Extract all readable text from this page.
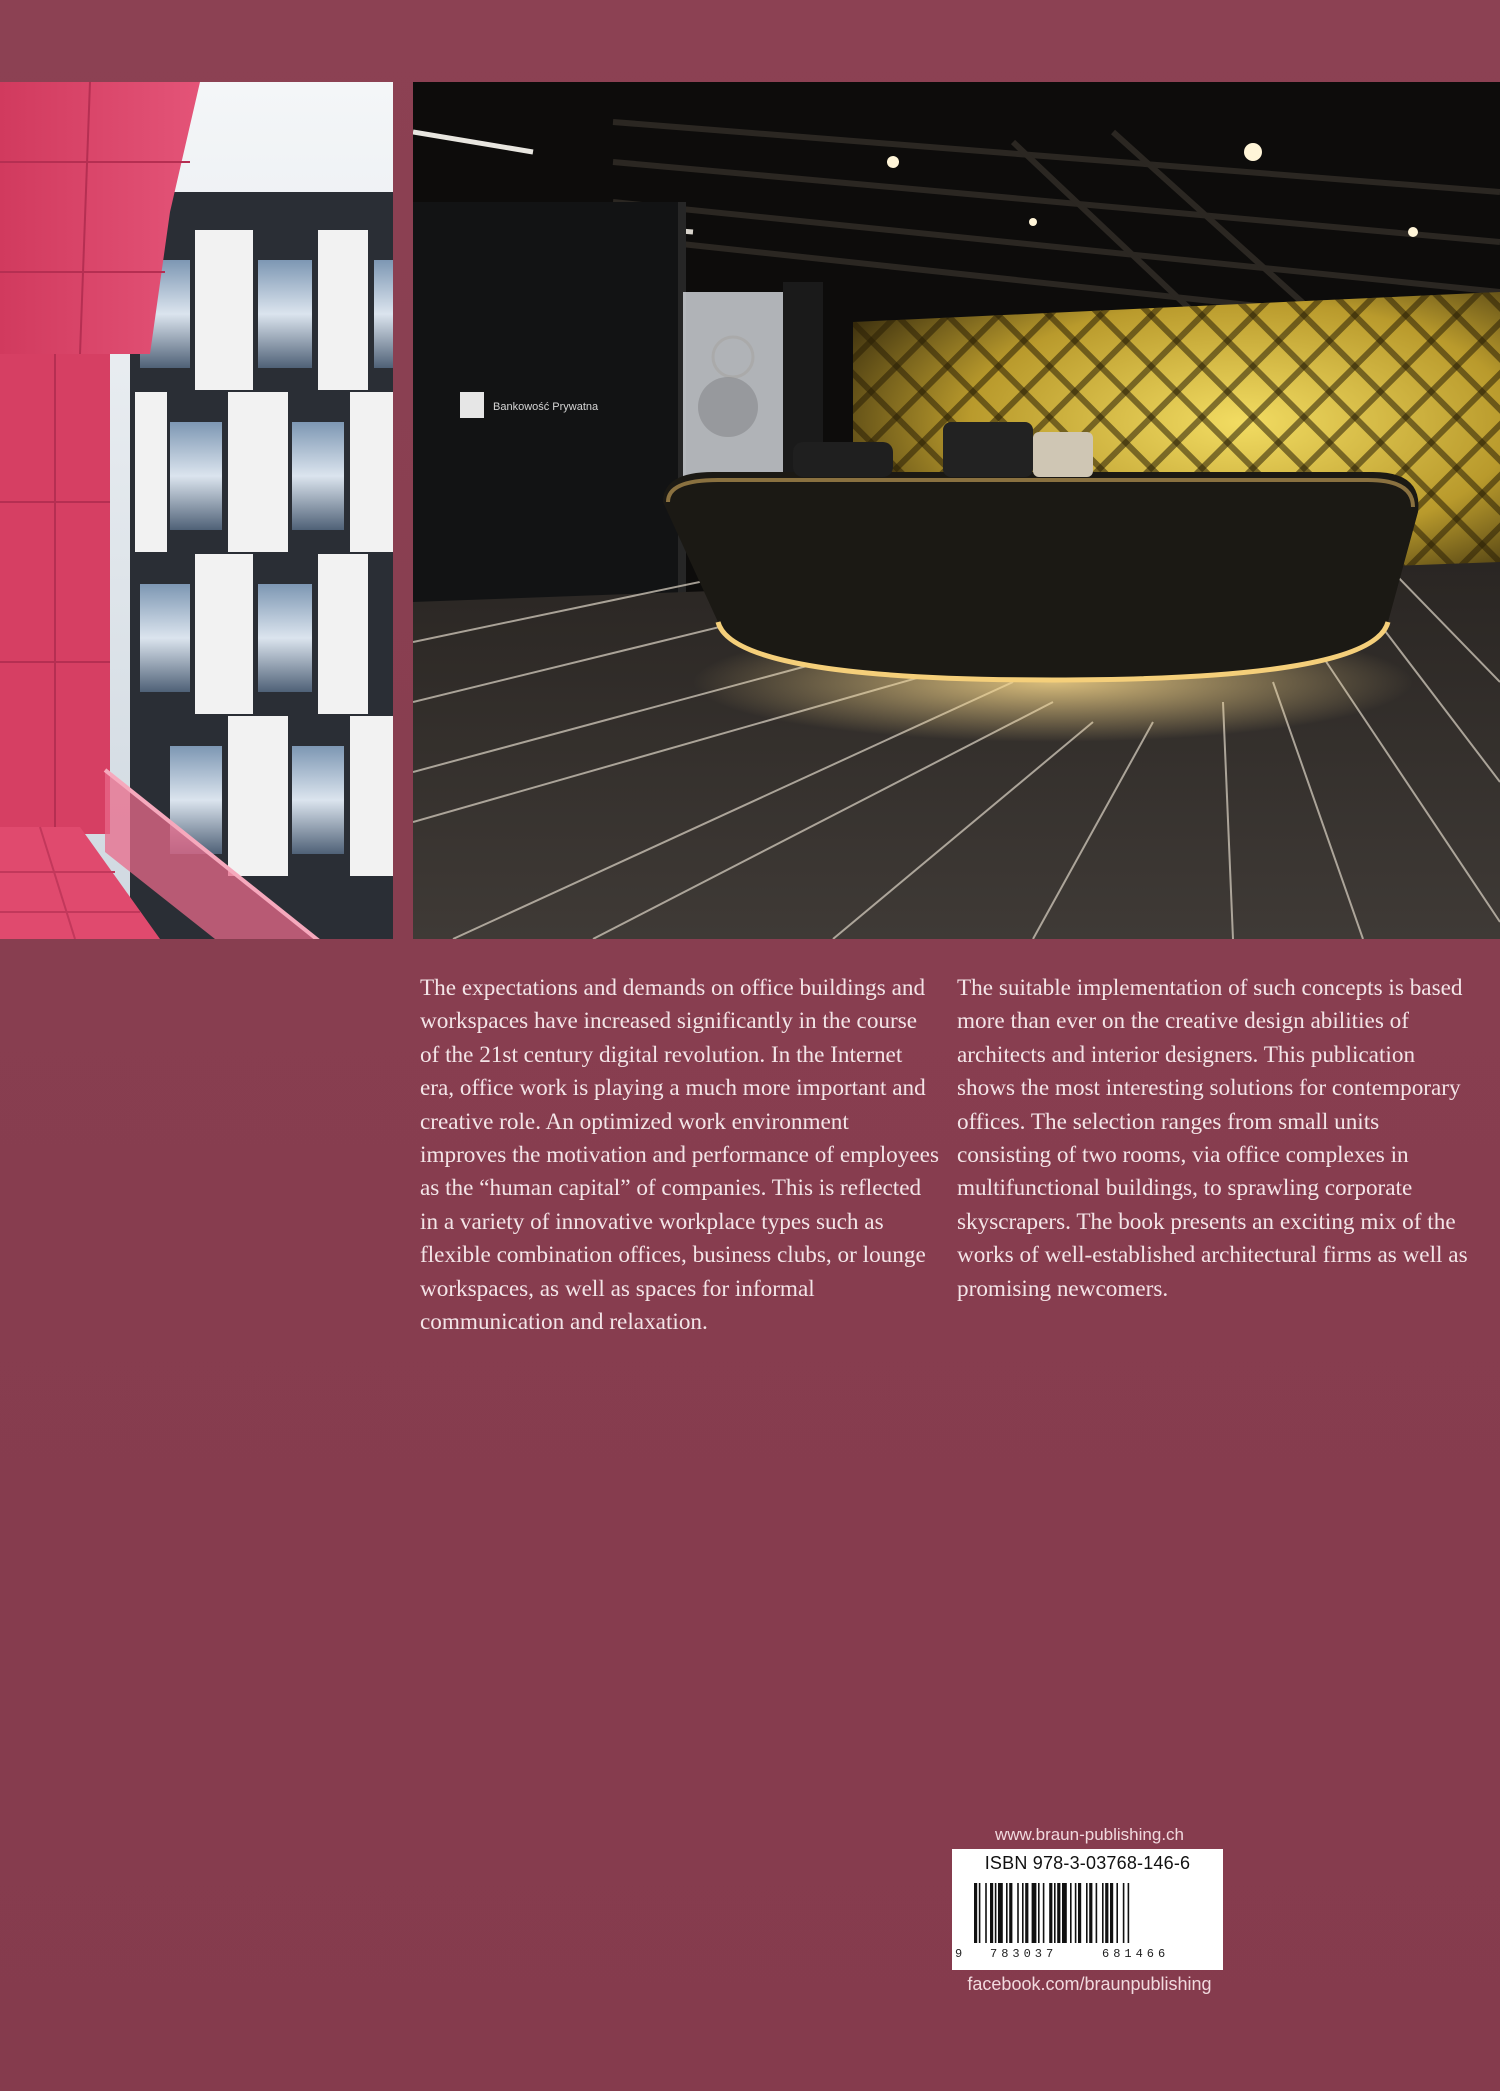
Bankowość Prywatna

The expectations and demands on office buildings and workspaces have increased significantly in the course of the 21st century digital revolution. In the Internet era, office work is playing a much more important and creative role. An optimized work environment improves the motivation and performance of employees as the “human capital” of companies. This is reflected in a variety of innovative workplace types such as flexible combination offices, business clubs, or lounge workspaces, as well as spaces for informal communication and relaxation.

The suitable implementation of such concepts is based more than ever on the creative design abilities of architects and interior designers. This publication shows the most interesting solutions for contemporary offices. The selection ranges from small units consisting of two rooms, via office complexes in multifunctional buildings, to sprawling corporate skyscrapers. The book presents an exciting mix of the works of well-established architectural firms as well as promising newcomers.

www.braun-publishing.ch
ISBN 978-3-03768-146-6
9 783037	681466
facebook.com/braunpublishing
